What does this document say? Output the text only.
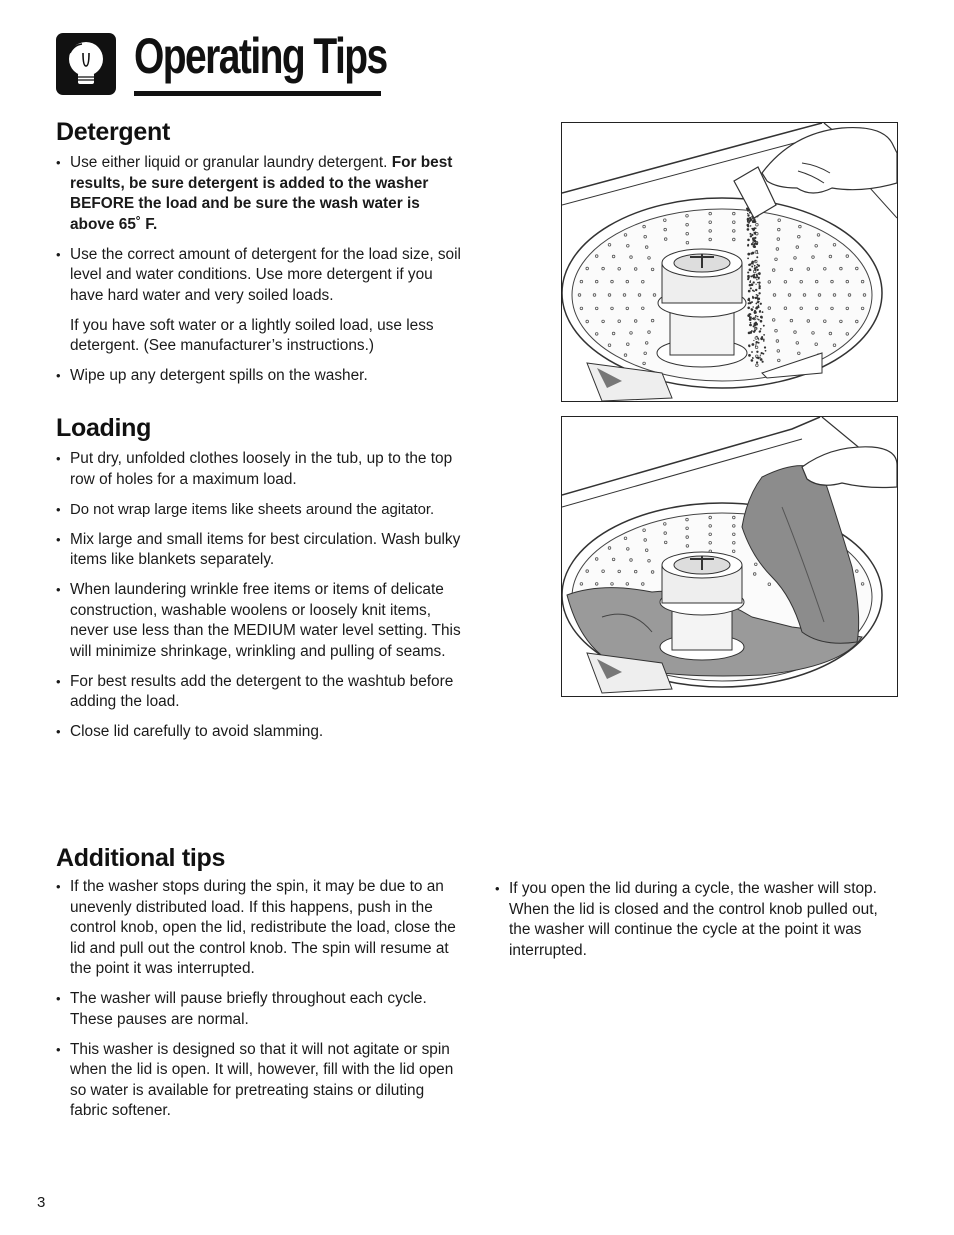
Operating Tips
Detergent
• Use either liquid or granular laundry detergent. For best results, be sure detergent is added to the washer BEFORE the load and be sure the wash water is above 65˚ F.
• Use the correct amount of detergent for the load size, soil level and water conditions. Use more detergent if you have hard water and very soiled loads.
If you have soft water or a lightly soiled load, use less detergent. (See manufacturer’s instructions.)
• Wipe up any detergent spills on the washer.
Loading
• Put dry, unfolded clothes loosely in the tub, up to the top row of holes for a maximum load.
• Do not wrap large items like sheets around the agitator.
• Mix large and small items for best circulation. Wash bulky items like blankets separately.
• When laundering wrinkle free items or items of delicate construction, washable woolens or loosely knit items, never use less than the MEDIUM water level setting. This will minimize shrinkage, wrinkling and pulling of seams.
• For best results add the detergent to the washtub before adding the load.
• Close lid carefully to avoid slamming.
Additional tips
• If the washer stops during the spin, it may be due to an unevenly distributed load. If this happens, push in the control knob, open the lid, redistribute the load, close the lid and pull out the control knob. The spin will resume at the point it was interrupted.
• The washer will pause briefly throughout each cycle. These pauses are normal.
• This washer is designed so that it will not agitate or spin when the lid is open. It will, however, fill with the lid open so water is available for pretreating stains or diluting fabric softener.
• If you open the lid during a cycle, the washer will stop. When the lid is closed and the control knob pulled out, the washer will continue the cycle at the point it was interrupted.
3
